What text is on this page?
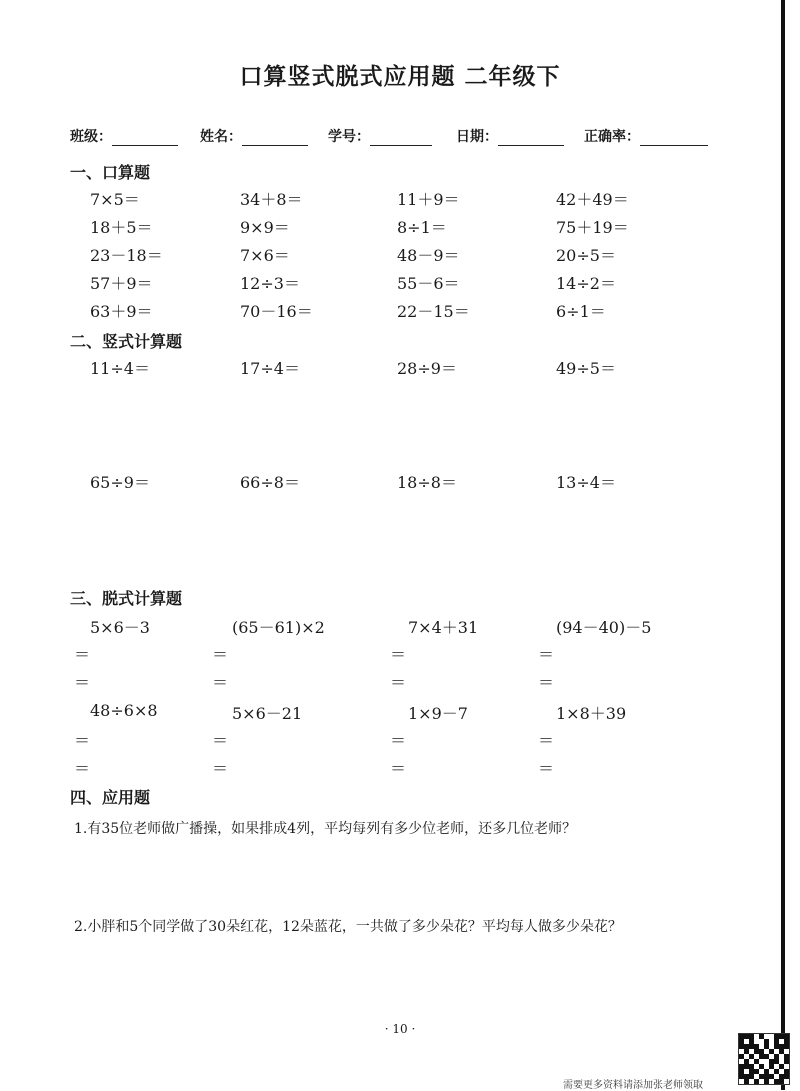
口算竖式脱式应用题 二年级下
班级：	姓名：	学号：	日期：	正确率：
一、口算题
7×5＝	34＋8＝	11＋9＝	42＋49＝
18＋5＝	9×9＝	8÷1＝	75＋19＝
23－18＝	7×6＝	48－9＝	20÷5＝
57＋9＝	12÷3＝	55－6＝	14÷2＝
63＋9＝	70－16＝	22－15＝	6÷1＝
二、竖式计算题
11÷4＝	17÷4＝	28÷9＝	49÷5＝
65÷9＝	66÷8＝	18÷8＝	13÷4＝
三、脱式计算题
5×6－3	(65－61)×2	7×4＋31	(94－40)－5
＝	＝	＝	＝
＝	＝	＝	＝
48÷6×8	5×6－21	1×9－7	1×8＋39
＝	＝	＝	＝
＝	＝	＝	＝
四、应用题
1.有35位老师做广播操，如果排成4列，平均每列有多少位老师，还多几位老师？
2.小胖和5个同学做了30朵红花，12朵蓝花，一共做了多少朵花？平均每人做多少朵花？
· 10 ·
需要更多资料请添加张老师领取
